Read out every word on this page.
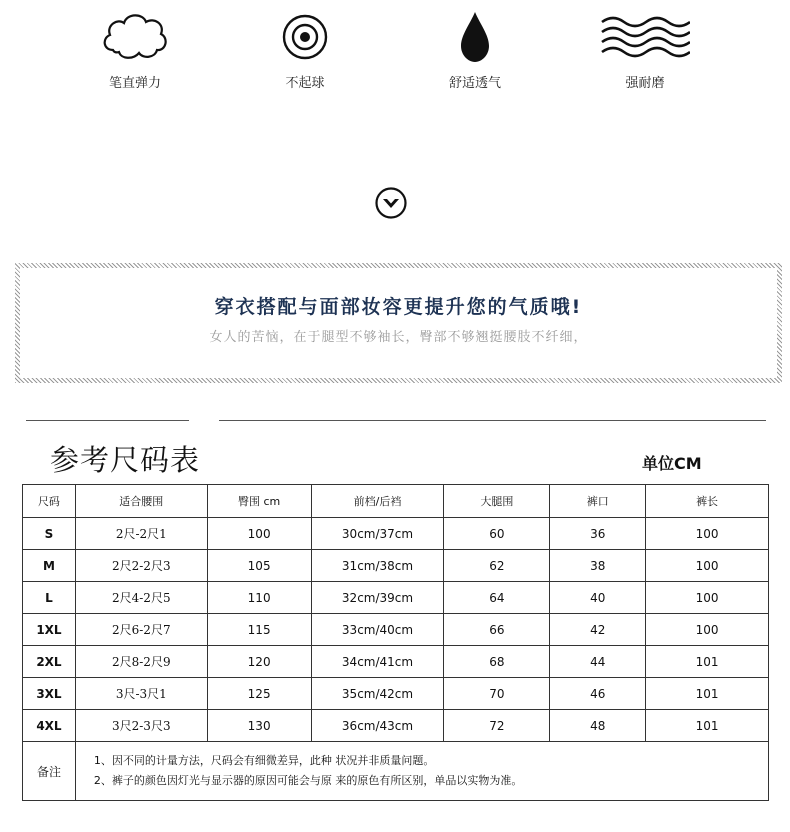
笔直弹力	不起球	舒适透气	强耐磨
穿衣搭配与面部妆容更提升您的气质哦!
女人的苦恼，在于腿型不够袖长，臀部不够翘挺腰肢不纤细，
参考尺码表	单位CM
尺码	适合腰围	臀围 cm	前档/后裆	大腿围	裤口	裤长
S	2尺-2尺1	100	30cm/37cm	60	36	100
M	2尺2-2尺3	105	31cm/38cm	62	38	100
L	2尺4-2尺5	110	32cm/39cm	64	40	100
1XL	2尺6-2尺7	115	33cm/40cm	66	42	100
2XL	2尺8-2尺9	120	34cm/41cm	68	44	101
3XL	3尺-3尺1	125	35cm/42cm	70	46	101
4XL	3尺2-3尺3	130	36cm/43cm	72	48	101
备注	1、因不同的计量方法，尺码会有细微差异，此种 状况并非质量问题。
2、裤子的颜色因灯光与显示器的原因可能会与原 来的原色有所区别，单品以实物为准。					
